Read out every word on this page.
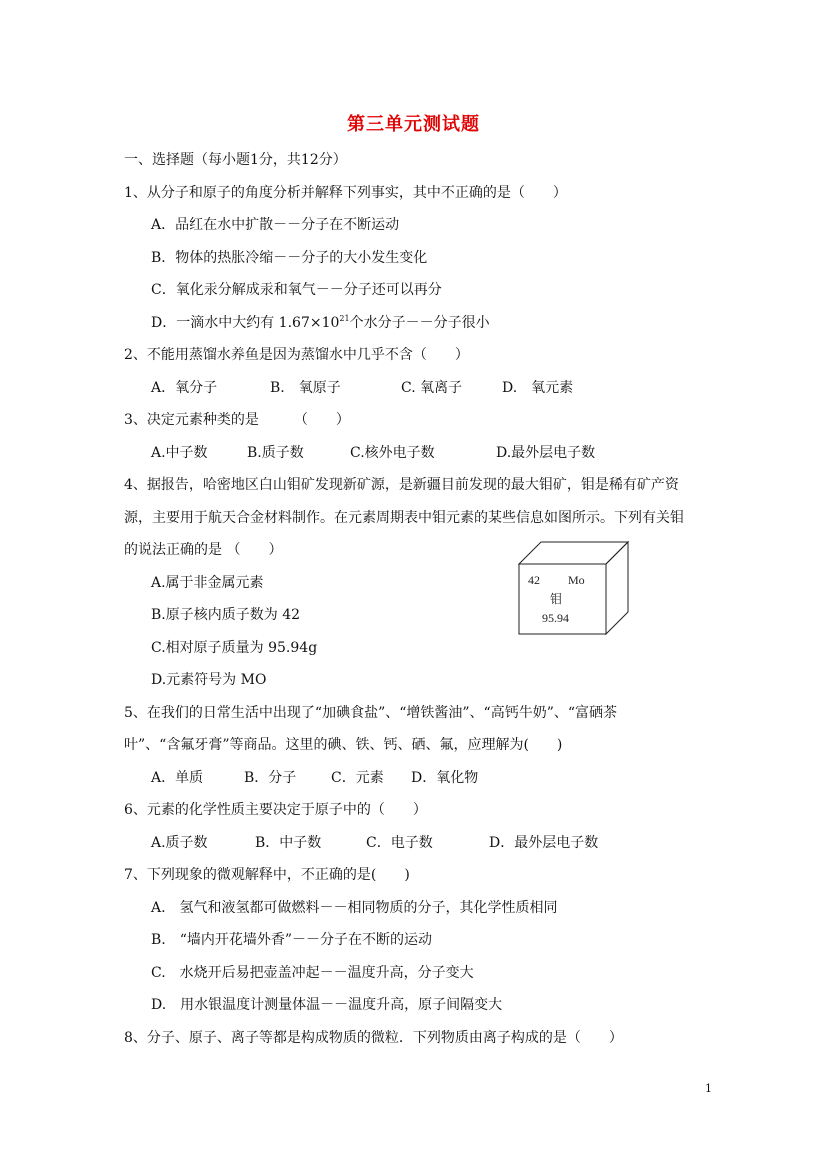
第三单元测试题
一、选择题（每小题1分，共12分）
1、从分子和原子的角度分析并解释下列事实，其中不正确的是（　　）
A．品红在水中扩散－－分子在不断运动
B．物体的热胀冷缩－－分子的大小发生变化
C．氧化汞分解成汞和氧气－－分子还可以再分
D．一滴水中大约有 $1.67\times 10^{21}$个水分子－－分子很小
2、不能用蒸馏水养鱼是因为蒸馏水中几乎不含（　　）
A．氧分子	B.　氧原子	C. 氧离子	D.　氧元素
3、决定元素种类的是　　　（　　）
A.中子数	B.质子数	C.核外电子数	D.最外层电子数
4、据报告，哈密地区白山钼矿发现新矿源，是新疆目前发现的最大钼矿，钼是稀有矿产资
源，主要用于航天合金材料制作。在元素周期表中钼元素的某些信息如图所示。下列有关钼
的说法正确的是 （　　）
A.属于非金属元素
B.原子核内质子数为 42
C.相对原子质量为 95.94g
D.元素符号为 MO
42 Mo
钼
95.94
5、在我们的日常生活中出现了“加碘食盐”、“增铁酱油”、“高钙牛奶”、“富硒茶
叶”、“含氟牙膏”等商品。这里的碘、铁、钙、硒、氟，应理解为(　　)
A．单质	B．分子 C．元素 D．氧化物
6、元素的化学性质主要决定于原子中的（　　）
A.质子数	B．中子数	C．电子数	D．最外层电子数
7、下列现象的微观解释中，不正确的是(　　)
A.　氢气和液氢都可做燃料－－相同物质的分子，其化学性质相同
B.　“墙内开花墙外香”－－分子在不断的运动
C.　水烧开后易把壶盖冲起－－温度升高，分子变大
D.　用水银温度计测量体温－－温度升高，原子间隔变大
8、分子、原子、离子等都是构成物质的微粒．下列物质由离子构成的是（　　）
1
